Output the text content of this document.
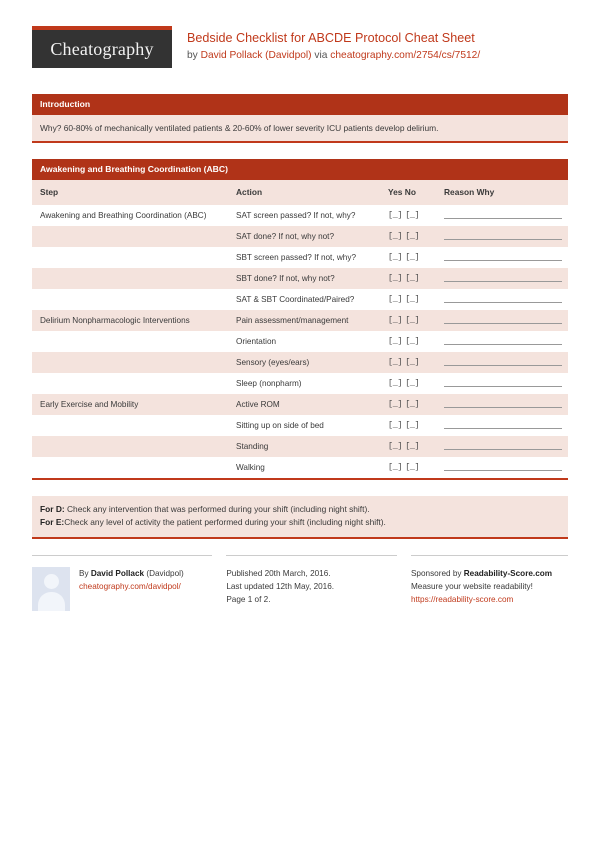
Cheatography
Bedside Checklist for ABCDE Protocol Cheat Sheet
by David Pollack (Davidpol) via cheatography.com/2754/cs/7512/
Introduction
Why? 60-80% of mechanically ventilated patients & 20-60% of lower severity ICU patients develop delirium.
Awakening and Breathing Coordination (ABC)
Step	Action	Yes No	Reason Why
Awakening and Breathing Coordination (ABC)	SAT screen passed? If not, why?	[_] [_]	

	SAT done? If not, why not?	[_] [_]	

	SBT screen passed? If not, why?	[_] [_]	

	SBT done? If not, why not?	[_] [_]	

	SAT & SBT Coordinated/Paired?	[_] [_]	

Delirium Nonpharmacologic Interventions	Pain assessment/management	[_] [_]	

	Orientation	[_] [_]	

	Sensory (eyes/ears)	[_] [_]	

	Sleep (nonpharm)	[_] [_]	

Early Exercise and Mobility	Active ROM	[_] [_]	

	Sitting up on side of bed	[_] [_]	

	Standing	[_] [_]	

	Walking	[_] [_]	

For D: Check any intervention that was performed during your shift (including night shift).
For E:Check any level of activity the patient performed during your shift (including night shift).
By David Pollack (Davidpol)
cheatography.com/davidpol/
Published 20th March, 2016.
Last updated 12th May, 2016.
Page 1 of 2.
Sponsored by Readability-Score.com
Measure your website readability!
https://readability-score.com
